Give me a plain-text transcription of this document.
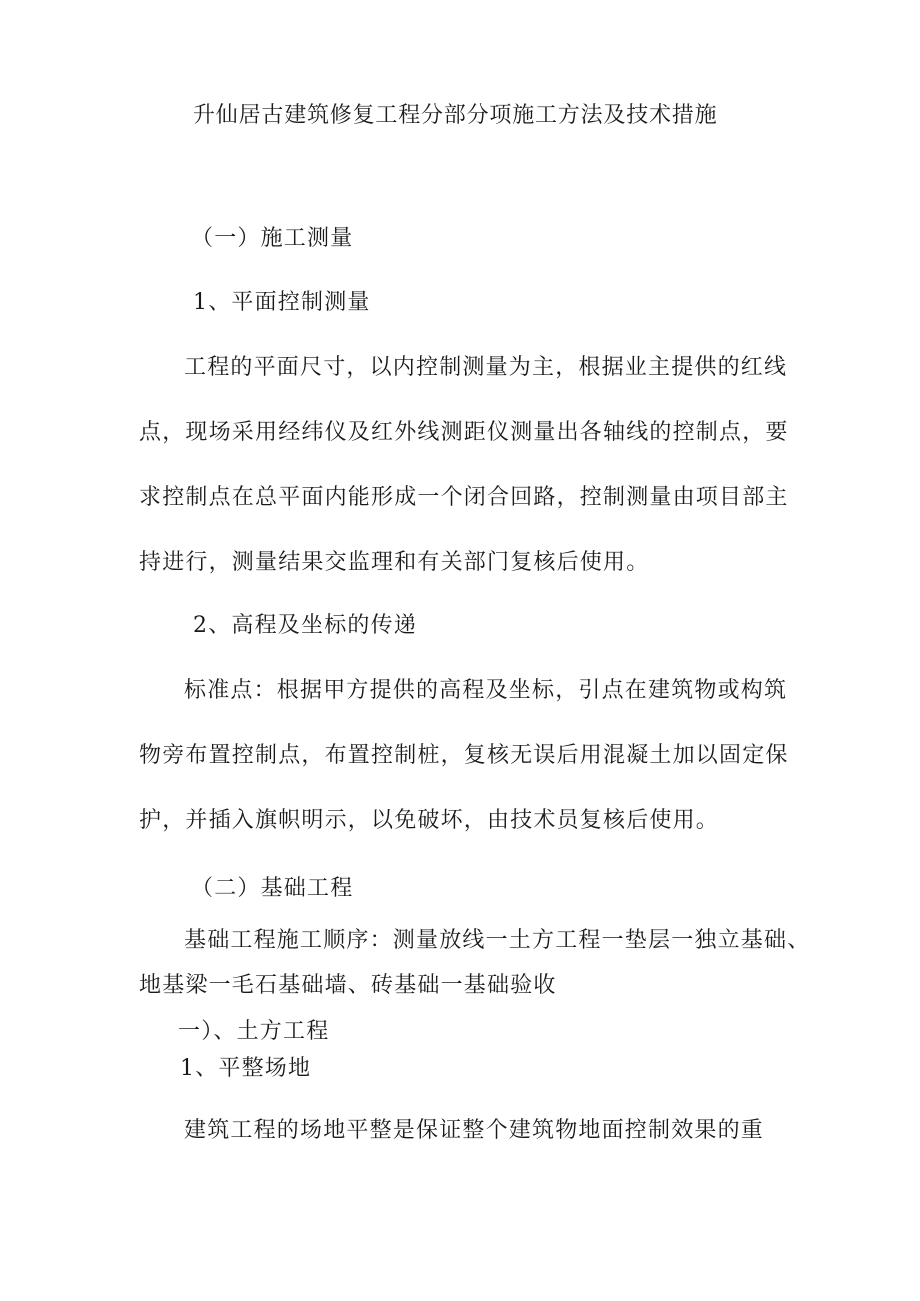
升仙居古建筑修复工程分部分项施工方法及技术措施
（一）施工测量
1、平面控制测量
工程的平面尺寸，以内控制测量为主，根据业主提供的红线
点，现场采用经纬仪及红外线测距仪测量出各轴线的控制点，要
求控制点在总平面内能形成一个闭合回路，控制测量由项目部主
持进行，测量结果交监理和有关部门复核后使用。
2、高程及坐标的传递
标准点：根据甲方提供的高程及坐标，引点在建筑物或构筑
物旁布置控制点，布置控制桩，复核无误后用混凝土加以固定保
护，并插入旗帜明示，以免破坏，由技术员复核后使用。
（二）基础工程
基础工程施工顺序：测量放线一土方工程一垫层一独立基础、
地基梁一毛石基础墙、砖基础一基础验收
一）、土方工程
1、平整场地
建筑工程的场地平整是保证整个建筑物地面控制效果的重
